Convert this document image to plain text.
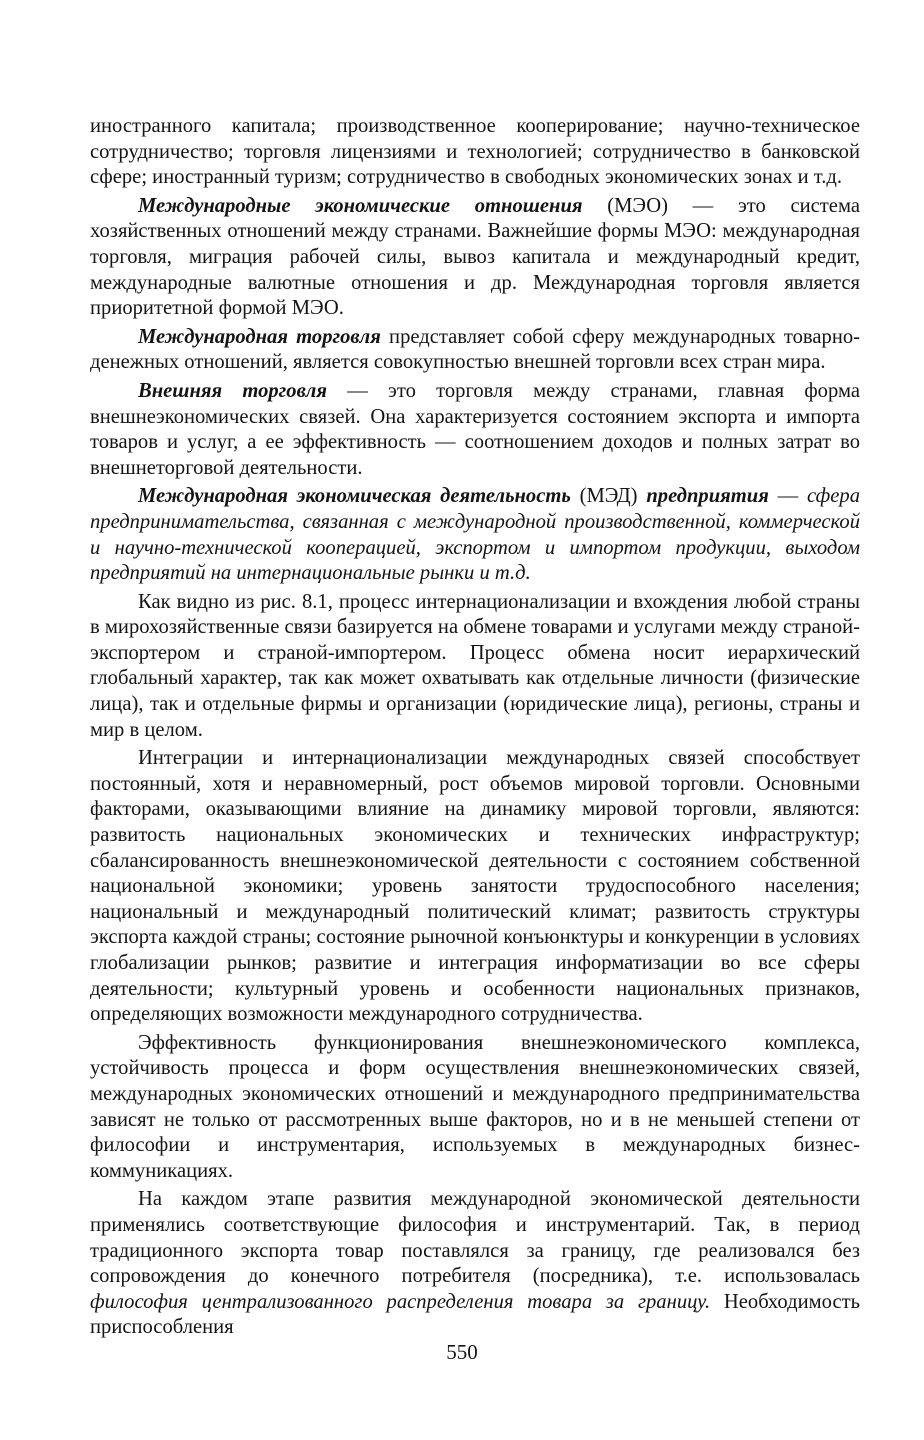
иностранного капитала; производственное кооперирование; научно-техническое сотрудничество; торговля лицензиями и технологией; сотрудничество в банковской сфере; иностранный туризм; сотрудничество в свободных экономических зонах и т.д.

Международные экономические отношения (МЭО) — это система хозяйственных отношений между странами. Важнейшие формы МЭО: международная торговля, миграция рабочей силы, вывоз капитала и международный кредит, международные валютные отношения и др. Международная торговля является приоритетной формой МЭО.

Международная торговля представляет собой сферу международных товарно-денежных отношений, является совокупностью внешней торговли всех стран мира.

Внешняя торговля — это торговля между странами, главная форма внешнеэкономических связей. Она характеризуется состоянием экспорта и импорта товаров и услуг, а ее эффективность — соотношением доходов и полных затрат во внешнеторговой деятельности.

Международная экономическая деятельность (МЭД) предприятия — сфера предпринимательства, связанная с международной производственной, коммерческой и научно-технической кооперацией, экспортом и импортом продукции, выходом предприятий на интернациональные рынки и т.д.

Как видно из рис. 8.1, процесс интернационализации и вхождения любой страны в мирохозяйственные связи базируется на обмене товарами и услугами между страной-экспортером и страной-импортером. Процесс обмена носит иерархический глобальный характер, так как может охватывать как отдельные личности (физические лица), так и отдельные фирмы и организации (юридические лица), регионы, страны и мир в целом.

Интеграции и интернационализации международных связей способствует постоянный, хотя и неравномерный, рост объемов мировой торговли. Основными факторами, оказывающими влияние на динамику мировой торговли, являются: развитость национальных экономических и технических инфраструктур; сбалансированность внешнеэкономической деятельности с состоянием собственной национальной экономики; уровень занятости трудоспособного населения; национальный и международный политический климат; развитость структуры экспорта каждой страны; состояние рыночной конъюнктуры и конкуренции в условиях глобализации рынков; развитие и интеграция информатизации во все сферы деятельности; культурный уровень и особенности национальных признаков, определяющих возможности международного сотрудничества.

Эффективность функционирования внешнеэкономического комплекса, устойчивость процесса и форм осуществления внешнеэкономических связей, международных экономических отношений и международного предпринимательства зависят не только от рассмотренных выше факторов, но и в не меньшей степени от философии и инструментария, используемых в международных бизнес-коммуникациях.

На каждом этапе развития международной экономической деятельности применялись соответствующие философия и инструментарий. Так, в период традиционного экспорта товар поставлялся за границу, где реализовался без сопровождения до конечного потребителя (посредника), т.е. использовалась философия централизованного распределения товара за границу. Необходимость приспособления

550
